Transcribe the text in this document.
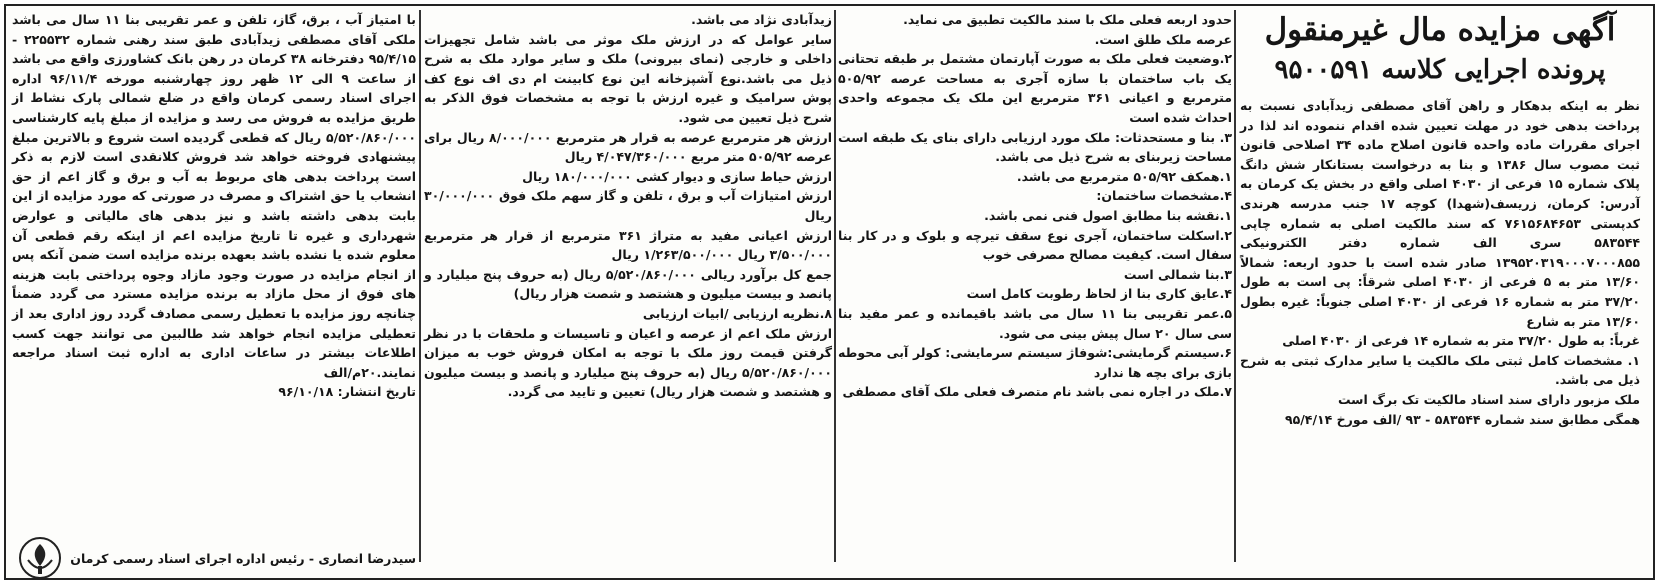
آگهی مزایده مال غیرمنقول
پرونده اجرایی کلاسه ۹۵۰۰۵۹۱

نظر به اینکه بدهکار و راهن آقای مصطفی زیدآبادی نسبت به پرداخت بدهی خود در مهلت تعیین شده اقدام ننموده اند لذا در اجرای مقررات ماده واحده قانون اصلاح ماده ۳۴ اصلاحی قانون ثبت مصوب سال ۱۳۸۶ و بنا به درخواست بستانکار شش دانگ پلاک شماره ۱۵ فرعی از ۴۰۳۰ اصلی واقع در بخش یک کرمان به آدرس: کرمان، زریسف(شهدا) کوچه ۱۷ جنب مدرسه هرندی کدپستی ۷۶۱۵۶۸۴۶۵۳ که سند مالکیت اصلی به شماره چاپی ۵۸۳۵۴۴ سری الف شماره دفتر الکترونیکی ۱۳۹۵۲۰۳۱۹۰۰۰۷۰۰۰۸۵۵ صادر شده است با حدود اربعه: شمالاً ۱۳/۶۰ متر به ۵ فرعی از ۴۰۳۰ اصلی شرقاً: پی است به طول ۳۷/۲۰ متر به شماره ۱۶ فرعی از ۴۰۳۰ اصلی جنوباً: غیره بطول ۱۳/۶۰ متر به شارع

غرباً: به طول ۳۷/۲۰ متر به شماره ۱۴ فرعی از ۴۰۳۰ اصلی

۱. مشخصات کامل ثبتی ملک مالکیت یا سایر مدارک ثبتی به شرح ذیل می باشد.

ملک مزبور دارای سند اسناد مالکیت تک برگ است

همگی مطابق سند شماره ۵۸۳۵۴۴ - ۹۳ /الف مورخ ۹۵/۴/۱۴

حدود اربعه فعلی ملک با سند مالکیت تطبیق می نماید.

عرصه ملک طلق است.

۲.وضعیت فعلی ملک به صورت آپارتمان مشتمل بر طبقه تحتانی یک باب ساختمان با سازه آجری به مساحت عرصه ۵۰۵/۹۲ مترمربع و اعیانی ۳۶۱ مترمربع این ملک یک مجموعه واحدی احداث شده است

۳. بنا و مستحدثات: ملک مورد ارزیابی دارای بنای یک طبقه است مساحت زیربنای به شرح ذیل می باشد.

۱.همکف ۵۰۵/۹۲ مترمربع می باشد.

۴.مشخصات ساختمان:

۱.نقشه بنا مطابق اصول فنی نمی باشد.

۲.اسکلت ساختمان، آجری نوع سقف تیرچه و بلوک و در کار بنا سفال است. کیفیت مصالح مصرفی خوب

۳.بنا شمالی است

۴.عایق کاری بنا از لحاظ رطوبت کامل است

۵.عمر تقریبی بنا ۱۱ سال می باشد باقیمانده و عمر مفید بنا سی سال ۲۰ سال پیش بینی می شود.

۶.سیستم گرمایشی:شوفاژ سیستم سرمایشی: کولر آبی محوطه بازی برای بچه ها ندارد

۷.ملک در اجاره نمی باشد نام متصرف فعلی ملک آقای مصطفی

زیدآبادی نژاد می باشد.

سایر عوامل که در ارزش ملک موثر می باشد شامل تجهیزات داخلی و خارجی (نمای بیرونی) ملک و سایر موارد ملک به شرح ذیل می باشد.نوع آشپزخانه این نوع کابینت ام دی اف نوع کف پوش سرامیک و غیره ارزش با توجه به مشخصات فوق الذکر به شرح ذیل تعیین می شود.

ارزش هر مترمربع عرصه به قرار هر مترمربع ۸/۰۰۰/۰۰۰ ریال برای عرصه ۵۰۵/۹۲ متر مربع ۴/۰۴۷/۳۶۰/۰۰۰ ریال

ارزش حیاط سازی و دیوار کشی ۱۸۰/۰۰۰/۰۰۰ ریال

ارزش امتیازات آب و برق ، تلفن و گاز سهم ملک فوق ۳۰/۰۰۰/۰۰۰ ریال

ارزش اعیانی مفید به متراژ ۳۶۱ مترمربع از قرار هر مترمربع ۳/۵۰۰/۰۰۰ ریال ۱/۲۶۳/۵۰۰/۰۰۰ ریال

جمع کل برآورد ریالی ۵/۵۲۰/۸۶۰/۰۰۰ ریال (به حروف پنج میلیارد و پانصد و بیست میلیون و هشتصد و شصت هزار ریال)

۸.نظریه ارزیابی /ابیات ارزیابی

ارزش ملک اعم از عرصه و اعیان و تاسیسات و ملحقات با در نظر گرفتن قیمت روز ملک با توجه به امکان فروش خوب به میزان ۵/۵۲۰/۸۶۰/۰۰۰ ریال (به حروف پنج میلیارد و پانصد و بیست میلیون و هشتصد و شصت هزار ریال) تعیین و تایید می گردد.

با امتیاز آب ، برق، گاز، تلفن و عمر تقریبی بنا ۱۱ سال می باشد ملکی آقای مصطفی زیدآبادی طبق سند رهنی شماره ۲۲۵۵۳۲ - ۹۵/۴/۱۵ دفترخانه ۳۸ کرمان در رهن بانک کشاورزی واقع می باشد از ساعت ۹ الی ۱۲ ظهر روز چهارشنبه مورخه ۹۶/۱۱/۴ اداره اجرای اسناد رسمی کرمان واقع در ضلع شمالی پارک نشاط از طریق مزایده به فروش می رسد و مزایده از مبلغ پایه کارشناسی ۵/۵۲۰/۸۶۰/۰۰۰ ریال که قطعی گردیده است شروع و بالاترین مبلغ پیشنهادی فروخته خواهد شد فروش کلانقدی است لازم به ذکر است پرداخت بدهی های مربوط به آب و برق و گاز اعم از حق انشعاب یا حق اشتراک و مصرف در صورتی که مورد مزایده از این بابت بدهی داشته باشد و نیز بدهی های مالیاتی و عوارض شهرداری و غیره تا تاریخ مزایده اعم از اینکه رقم قطعی آن معلوم شده یا نشده باشد بعهده برنده مزایده است ضمن آنکه پس از انجام مزایده در صورت وجود مازاد وجوه پرداختی بابت هزینه های فوق از محل مازاد به برنده مزایده مسترد می گردد ضمناً چنانچه روز مزایده با تعطیل رسمی مصادف گردد روز اداری بعد از تعطیلی مزایده انجام خواهد شد طالبین می توانند جهت کسب اطلاعات بیشتر در ساعات اداری به اداره ثبت اسناد مراجعه نمایند.۲۰م/الف

تاریخ انتشار: ۹۶/۱۰/۱۸

سیدرضا انصاری - رئیس اداره اجرای اسناد رسمی کرمان
